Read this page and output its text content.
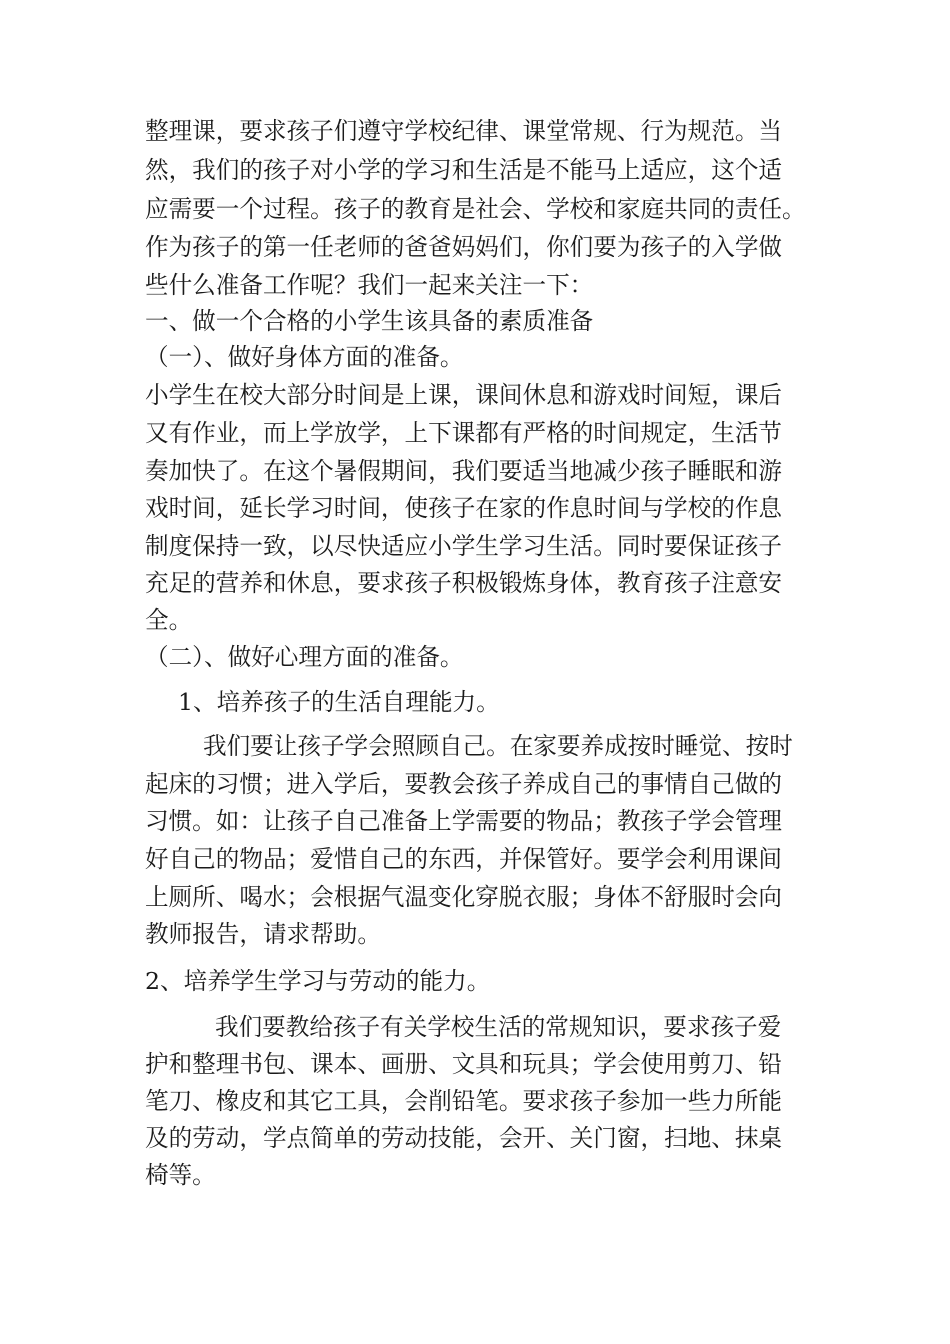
整理课，要求孩子们遵守学校纪律、课堂常规、行为规范。当
然，我们的孩子对小学的学习和生活是不能马上适应，这个适
应需要一个过程。孩子的教育是社会、学校和家庭共同的责任。
作为孩子的第一任老师的爸爸妈妈们，你们要为孩子的入学做
些什么准备工作呢？我们一起来关注一下：
一、做一个合格的小学生该具备的素质准备
（一）、做好身体方面的准备。
小学生在校大部分时间是上课，课间休息和游戏时间短，课后
又有作业，而上学放学，上下课都有严格的时间规定，生活节
奏加快了。在这个暑假期间，我们要适当地减少孩子睡眠和游
戏时间，延长学习时间，使孩子在家的作息时间与学校的作息
制度保持一致，以尽快适应小学生学习生活。同时要保证孩子
充足的营养和休息，要求孩子积极锻炼身体，教育孩子注意安
全。
（二）、做好心理方面的准备。
1、培养孩子的生活自理能力。
我们要让孩子学会照顾自己。在家要养成按时睡觉、按时
起床的习惯；进入学后，要教会孩子养成自己的事情自己做的
习惯。如：让孩子自己准备上学需要的物品；教孩子学会管理
好自己的物品；爱惜自己的东西，并保管好。要学会利用课间
上厕所、喝水；会根据气温变化穿脱衣服；身体不舒服时会向
教师报告，请求帮助。
2、培养学生学习与劳动的能力。
我们要教给孩子有关学校生活的常规知识，要求孩子爱
护和整理书包、课本、画册、文具和玩具；学会使用剪刀、铅
笔刀、橡皮和其它工具，会削铅笔。要求孩子参加一些力所能
及的劳动，学点简单的劳动技能，会开、关门窗，扫地、抹桌
椅等。
